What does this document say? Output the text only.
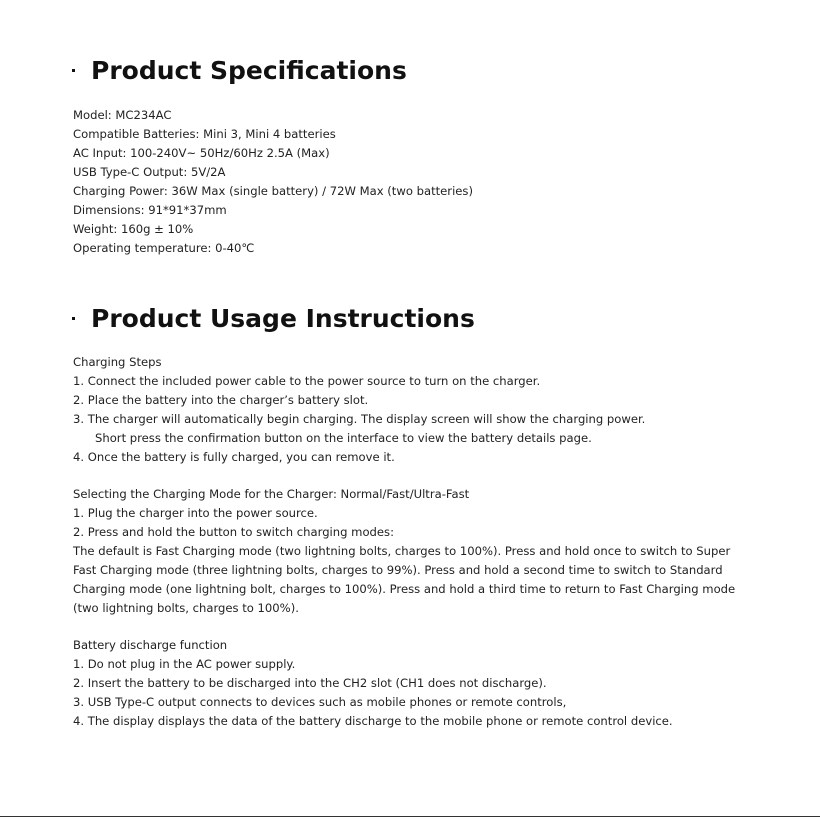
Product Specifications
Model: MC234AC
Compatible Batteries: Mini 3, Mini 4 batteries
AC Input: 100-240V~ 50Hz/60Hz 2.5A (Max)
USB Type-C Output: 5V/2A
Charging Power: 36W Max (single battery) / 72W Max (two batteries)
Dimensions: 91*91*37mm
Weight: 160g ± 10%
Operating temperature: 0-40℃
Product Usage Instructions
Charging Steps
1. Connect the included power cable to the power source to turn on the charger.
2. Place the battery into the charger’s battery slot.
3. The charger will automatically begin charging. The display screen will show the charging power.
Short press the confirmation button on the interface to view the battery details page.
4. Once the battery is fully charged, you can remove it.
Selecting the Charging Mode for the Charger: Normal/Fast/Ultra-Fast
1. Plug the charger into the power source.
2. Press and hold the button to switch charging modes:
The default is Fast Charging mode (two lightning bolts, charges to 100%). Press and hold once to switch to Super
Fast Charging mode (three lightning bolts, charges to 99%). Press and hold a second time to switch to Standard
Charging mode (one lightning bolt, charges to 100%). Press and hold a third time to return to Fast Charging mode
(two lightning bolts, charges to 100%).
Battery discharge function
1. Do not plug in the AC power supply.
2. Insert the battery to be discharged into the CH2 slot (CH1 does not discharge).
3. USB Type-C output connects to devices such as mobile phones or remote controls,
4. The display displays the data of the battery discharge to the mobile phone or remote control device.
